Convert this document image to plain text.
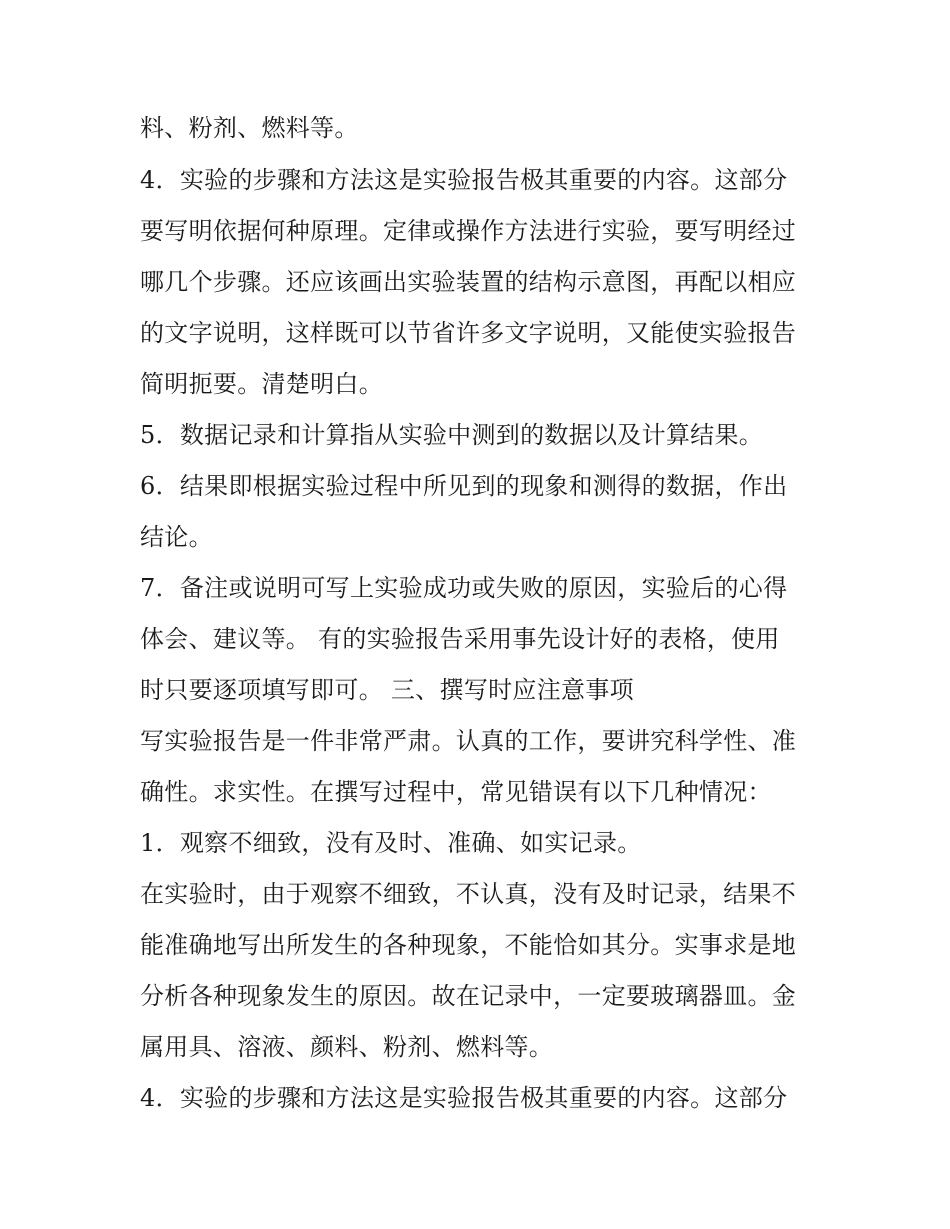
料、粉剂、燃料等。
4．实验的步骤和方法这是实验报告极其重要的内容。这部分
要写明依据何种原理。定律或操作方法进行实验，要写明经过
哪几个步骤。还应该画出实验装置的结构示意图，再配以相应
的文字说明，这样既可以节省许多文字说明，又能使实验报告
简明扼要。清楚明白。
5．数据记录和计算指从实验中测到的数据以及计算结果。
6．结果即根据实验过程中所见到的现象和测得的数据，作出
结论。
7．备注或说明可写上实验成功或失败的原因，实验后的心得
体会、建议等。 有的实验报告采用事先设计好的表格，使用
时只要逐项填写即可。 三、撰写时应注意事项
写实验报告是一件非常严肃。认真的工作，要讲究科学性、准
确性。求实性。在撰写过程中，常见错误有以下几种情况：
1．观察不细致，没有及时、准确、如实记录。
在实验时，由于观察不细致，不认真，没有及时记录，结果不
能准确地写出所发生的各种现象，不能恰如其分。实事求是地
分析各种现象发生的原因。故在记录中，一定要玻璃器皿。金
属用具、溶液、颜料、粉剂、燃料等。
4．实验的步骤和方法这是实验报告极其重要的内容。这部分
